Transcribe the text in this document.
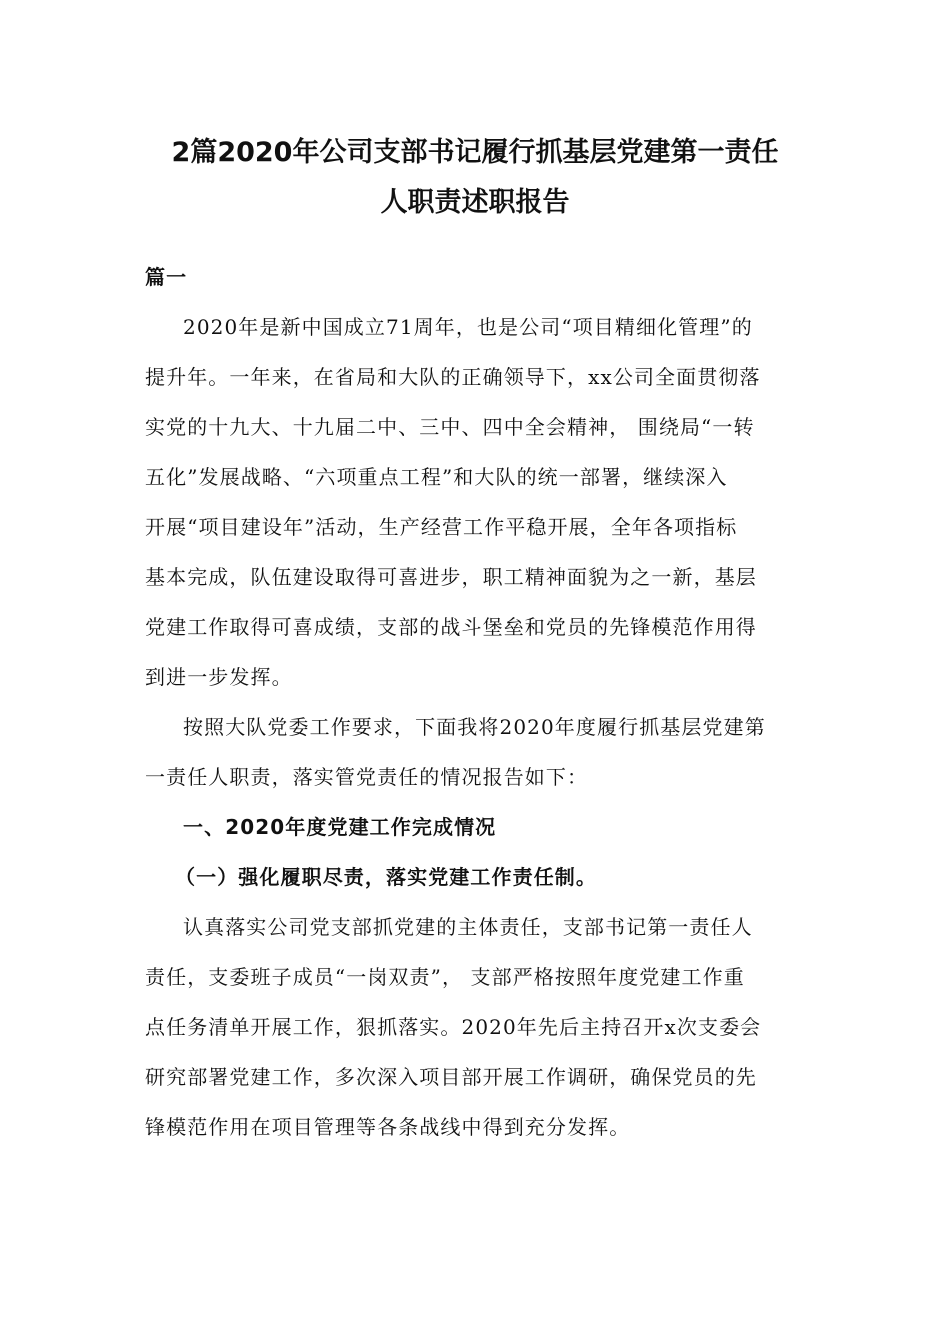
2篇2020年公司支部书记履行抓基层党建第一责任
人职责述职报告
篇一
2020年是新中国成立71周年，也是公司“项目精细化管理”的
提升年。一年来，在省局和大队的正确领导下，xx公司全面贯彻落
实党的十九大、十九届二中、三中、四中全会精神， 围绕局“一转
五化”发展战略、“六项重点工程”和大队的统一部署，继续深入
开展“项目建设年”活动，生产经营工作平稳开展，全年各项指标
基本完成，队伍建设取得可喜进步，职工精神面貌为之一新，基层
党建工作取得可喜成绩，支部的战斗堡垒和党员的先锋模范作用得
到进一步发挥。
按照大队党委工作要求，下面我将2020年度履行抓基层党建第
一责任人职责，落实管党责任的情况报告如下：
一、2020年度党建工作完成情况
（一）强化履职尽责，落实党建工作责任制。
认真落实公司党支部抓党建的主体责任，支部书记第一责任人
责任，支委班子成员“一岗双责”， 支部严格按照年度党建工作重
点任务清单开展工作，狠抓落实。2020年先后主持召开x次支委会
研究部署党建工作，多次深入项目部开展工作调研，确保党员的先
锋模范作用在项目管理等各条战线中得到充分发挥。
